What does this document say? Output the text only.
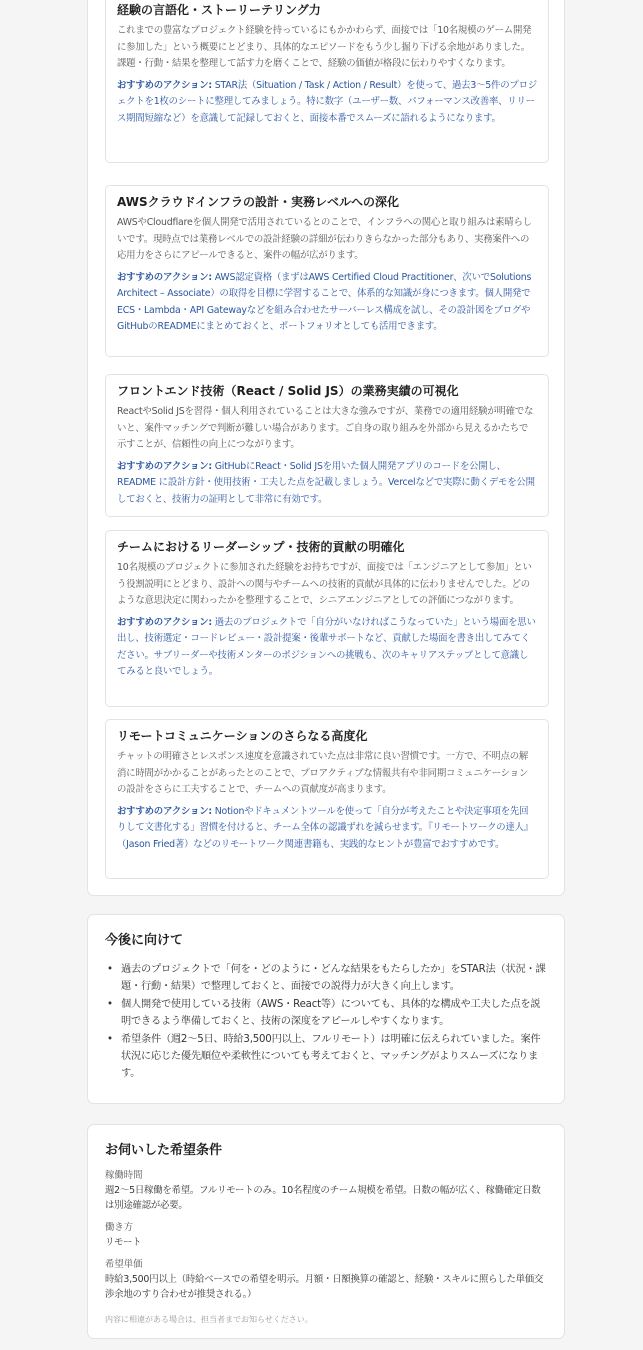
経験の言語化・ストーリーテリング力

これまでの豊富なプロジェクト経験を持っているにもかかわらず、面接では「10名規模のゲーム開発に参加した」という概要にとどまり、具体的なエピソードをもう少し掘り下げる余地がありました。課題・行動・結果を整理して話す力を磨くことで、経験の価値が格段に伝わりやすくなります。

おすすめのアクション: STAR法（Situation / Task / Action / Result）を使って、過去3〜5件のプロジェクトを1枚のシートに整理してみましょう。特に数字（ユーザー数、パフォーマンス改善率、リリース期間短縮など）を意識して記録しておくと、面接本番でスムーズに語れるようになります。

AWSクラウドインフラの設計・実務レベルへの深化

AWSやCloudflareを個人開発で活用されているとのことで、インフラへの関心と取り組みは素晴らしいです。現時点では業務レベルでの設計経験の詳細が伝わりきらなかった部分もあり、実務案件への応用力をさらにアピールできると、案件の幅が広がります。

おすすめのアクション: AWS認定資格（まずはAWS Certified Cloud Practitioner、次いでSolutions Architect – Associate）の取得を目標に学習することで、体系的な知識が身につきます。個人開発でECS・Lambda・API Gatewayなどを組み合わせたサーバーレス構成を試し、その設計図をブログやGitHubのREADMEにまとめておくと、ポートフォリオとしても活用できます。

フロントエンド技術（React / Solid JS）の業務実績の可視化

ReactやSolid JSを習得・個人利用されていることは大きな強みですが、業務での適用経験が明確でないと、案件マッチングで判断が難しい場合があります。ご自身の取り組みを外部から見えるかたちで示すことが、信頼性の向上につながります。

おすすめのアクション: GitHubにReact・Solid JSを用いた個人開発アプリのコードを公開し、README に設計方針・使用技術・工夫した点を記載しましょう。Vercelなどで実際に動くデモを公開しておくと、技術力の証明として非常に有効です。

チームにおけるリーダーシップ・技術的貢献の明確化

10名規模のプロジェクトに参加された経験をお持ちですが、面接では「エンジニアとして参加」という役割説明にとどまり、設計への関与やチームへの技術的貢献が具体的に伝わりませんでした。どのような意思決定に関わったかを整理することで、シニアエンジニアとしての評価につながります。

おすすめのアクション: 過去のプロジェクトで「自分がいなければこうなっていた」という場面を思い出し、技術選定・コードレビュー・設計提案・後輩サポートなど、貢献した場面を書き出してみてください。サブリーダーや技術メンターのポジションへの挑戦も、次のキャリアステップとして意識してみると良いでしょう。

リモートコミュニケーションのさらなる高度化

チャットの明確さとレスポンス速度を意識されていた点は非常に良い習慣です。一方で、不明点の解消に時間がかかることがあったとのことで、プロアクティブな情報共有や非同期コミュニケーションの設計をさらに工夫することで、チームへの貢献度が高まります。

おすすめのアクション: Notionやドキュメントツールを使って「自分が考えたことや決定事項を先回りして文書化する」習慣を付けると、チーム全体の認識ずれを減らせます。『リモートワークの達人』（Jason Fried著）などのリモートワーク関連書籍も、実践的なヒントが豊富でおすすめです。

今後に向けて
• 過去のプロジェクトで「何を・どのように・どんな結果をもたらしたか」をSTAR法（状況・課題・行動・結果）で整理しておくと、面接での説得力が大きく向上します。
• 個人開発で使用している技術（AWS・React等）についても、具体的な構成や工夫した点を説明できるよう準備しておくと、技術の深度をアピールしやすくなります。
• 希望条件（週2〜5日、時給3,500円以上、フルリモート）は明確に伝えられていました。案件状況に応じた優先順位や柔軟性についても考えておくと、マッチングがよりスムーズになります。
お伺いした希望条件

稼働時間

週2〜5日稼働を希望。フルリモートのみ。10名程度のチーム規模を希望。日数の幅が広く、稼働確定日数は別途確認が必要。

働き方

リモート

希望単価

時給3,500円以上（時給ベースでの希望を明示。月額・日額換算の確認と、経験・スキルに照らした単価交渉余地のすり合わせが推奨される。）

内容に相違がある場合は、担当者までお知らせください。
